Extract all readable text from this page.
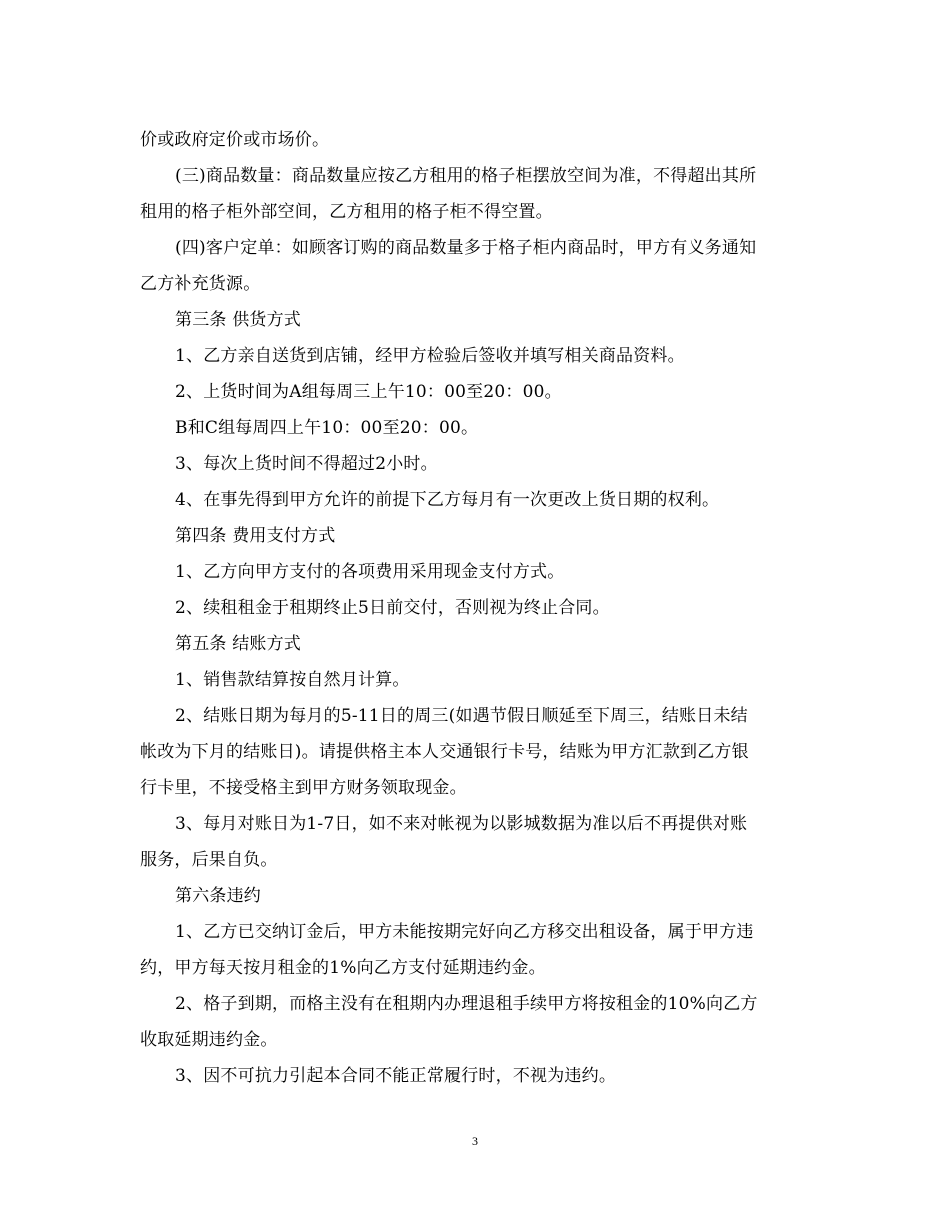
价或政府定价或市场价。
(三)商品数量：商品数量应按乙方租用的格子柜摆放空间为准，不得超出其所
租用的格子柜外部空间，乙方租用的格子柜不得空置。
(四)客户定单：如顾客订购的商品数量多于格子柜内商品时，甲方有义务通知
乙方补充货源。
第三条 供货方式
1、乙方亲自送货到店铺，经甲方检验后签收并填写相关商品资料。
2、上货时间为A组每周三上午10：00至20：00。
B和C组每周四上午10：00至20：00。
3、每次上货时间不得超过2小时。
4、在事先得到甲方允许的前提下乙方每月有一次更改上货日期的权利。
第四条 费用支付方式
1、乙方向甲方支付的各项费用采用现金支付方式。
2、续租租金于租期终止5日前交付，否则视为终止合同。
第五条 结账方式
1、销售款结算按自然月计算。
2、结账日期为每月的5-11日的周三(如遇节假日顺延至下周三，结账日未结
帐改为下月的结账日)。请提供格主本人交通银行卡号，结账为甲方汇款到乙方银
行卡里，不接受格主到甲方财务领取现金。
3、每月对账日为1-7日，如不来对帐视为以影城数据为准以后不再提供对账
服务，后果自负。
第六条违约
1、乙方已交纳订金后，甲方未能按期完好向乙方移交出租设备，属于甲方违
约，甲方每天按月租金的1%向乙方支付延期违约金。
2、格子到期，而格主没有在租期内办理退租手续甲方将按租金的10%向乙方
收取延期违约金。
3、因不可抗力引起本合同不能正常履行时，不视为违约。
3
